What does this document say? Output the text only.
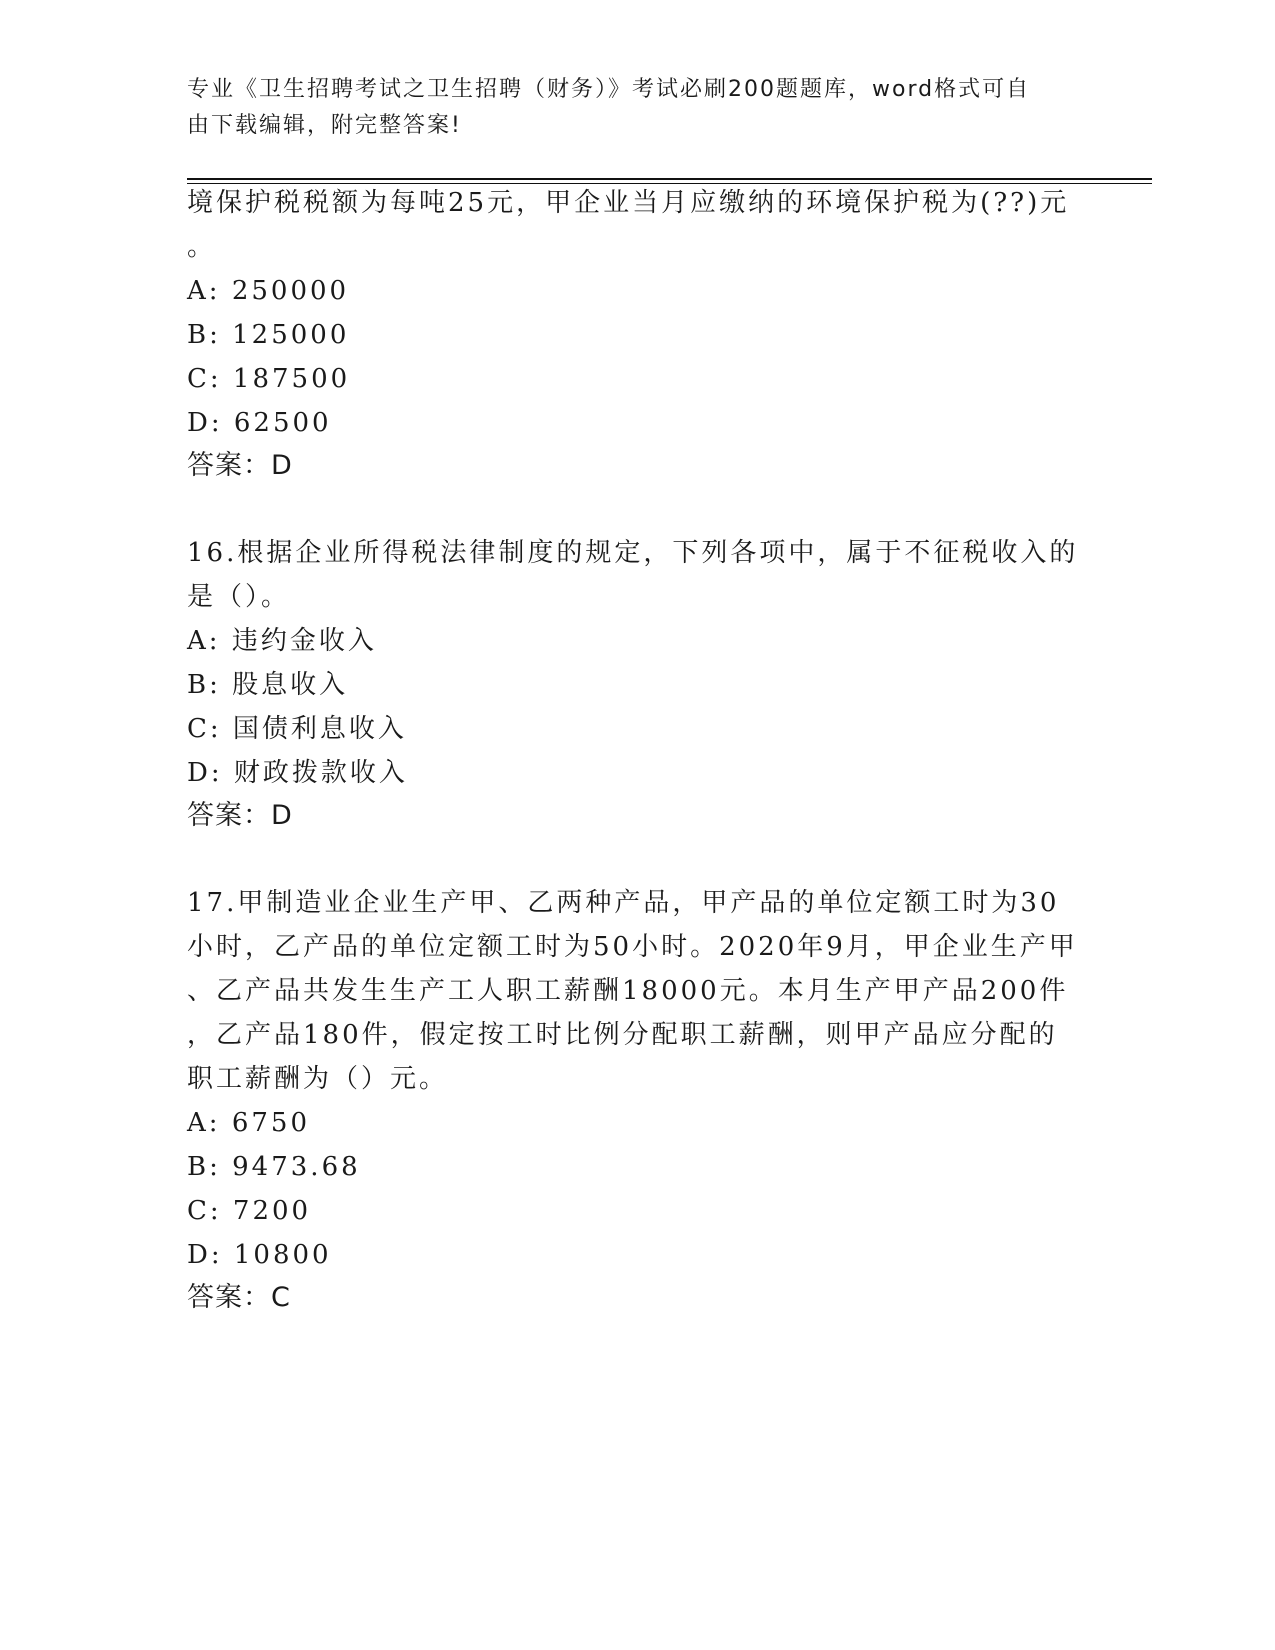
专业《卫生招聘考试之卫生招聘（财务）》考试必刷200题题库，word格式可自
由下载编辑，附完整答案!
境保护税税额为每吨25元，甲企业当月应缴纳的环境保护税为(??)元
。
A: 250000
B: 125000
C: 187500
D: 62500
答案：D
16.根据企业所得税法律制度的规定，下列各项中，属于不征税收入的
是（）。
A: 违约金收入
B: 股息收入
C: 国债利息收入
D: 财政拨款收入
答案：D
17.甲制造业企业生产甲、乙两种产品，甲产品的单位定额工时为30
小时，乙产品的单位定额工时为50小时。2020年9月，甲企业生产甲
、乙产品共发生生产工人职工薪酬18000元。本月生产甲产品200件
，乙产品180件，假定按工时比例分配职工薪酬，则甲产品应分配的
职工薪酬为（）元。
A: 6750
B: 9473.68
C: 7200
D: 10800
答案：C
